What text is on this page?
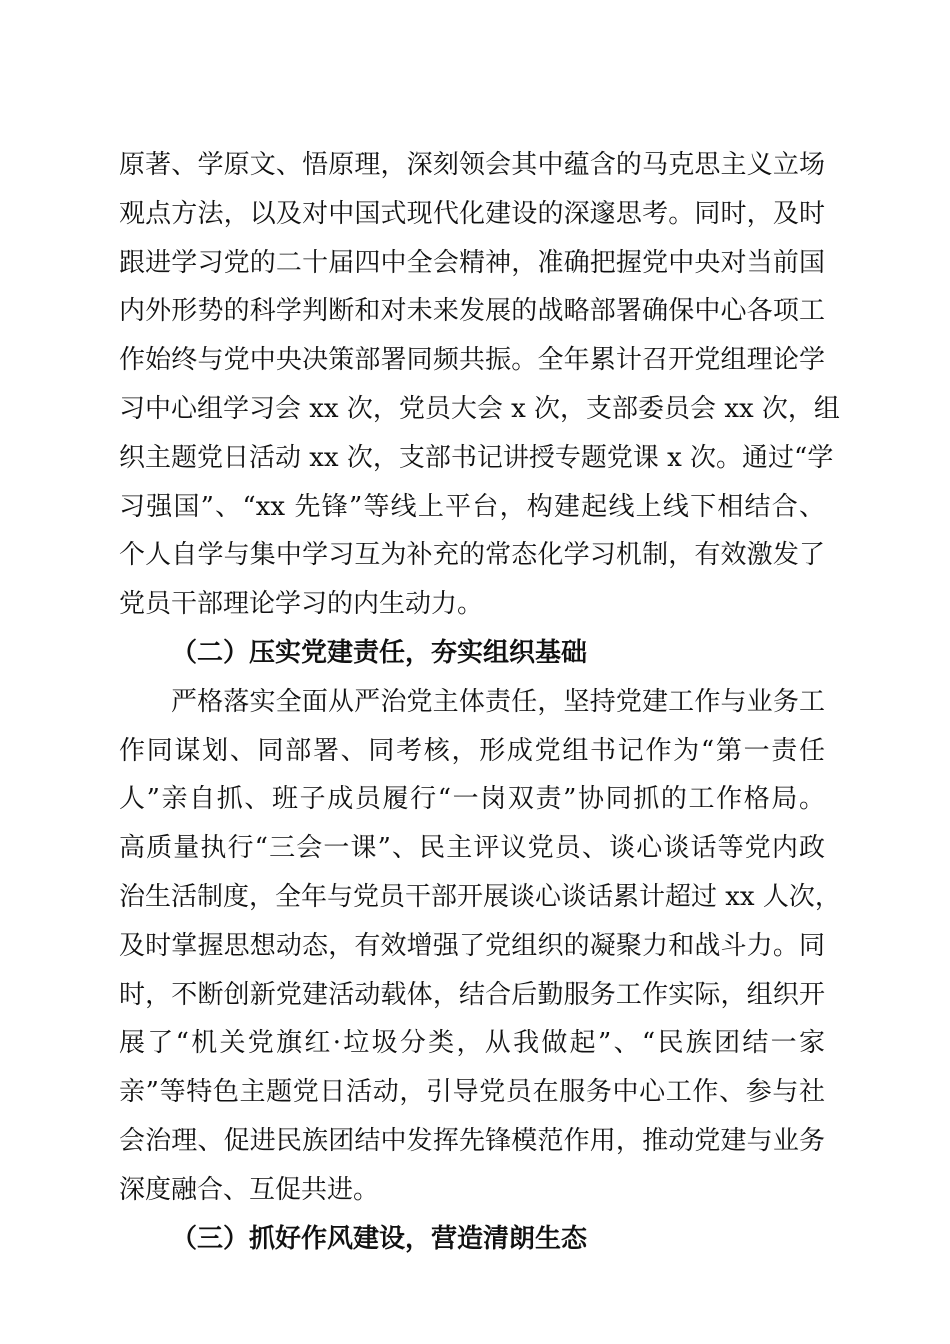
原著、学原文、悟原理，深刻领会其中蕴含的马克思主义立场
观点方法，以及对中国式现代化建设的深邃思考。同时，及时
跟进学习党的二十届四中全会精神，准确把握党中央对当前国
内外形势的科学判断和对未来发展的战略部署确保中心各项工
作始终与党中央决策部署同频共振。全年累计召开党组理论学
习中心组学习会 xx 次，党员大会 x 次，支部委员会 xx 次，组
织主题党日活动 xx 次，支部书记讲授专题党课 x 次。通过“学
习强国”、“xx 先锋”等线上平台，构建起线上线下相结合、
个人自学与集中学习互为补充的常态化学习机制，有效激发了
党员干部理论学习的内生动力。
（二）压实党建责任，夯实组织基础
严格落实全面从严治党主体责任，坚持党建工作与业务工
作同谋划、同部署、同考核，形成党组书记作为“第一责任
人”亲自抓、班子成员履行“一岗双责”协同抓的工作格局。
高质量执行“三会一课”、民主评议党员、谈心谈话等党内政
治生活制度，全年与党员干部开展谈心谈话累计超过 xx 人次，
及时掌握思想动态，有效增强了党组织的凝聚力和战斗力。同
时，不断创新党建活动载体，结合后勤服务工作实际，组织开
展了“机关党旗红·垃圾分类，从我做起”、“民族团结一家
亲”等特色主题党日活动，引导党员在服务中心工作、参与社
会治理、促进民族团结中发挥先锋模范作用，推动党建与业务
深度融合、互促共进。
（三）抓好作风建设，营造清朗生态
